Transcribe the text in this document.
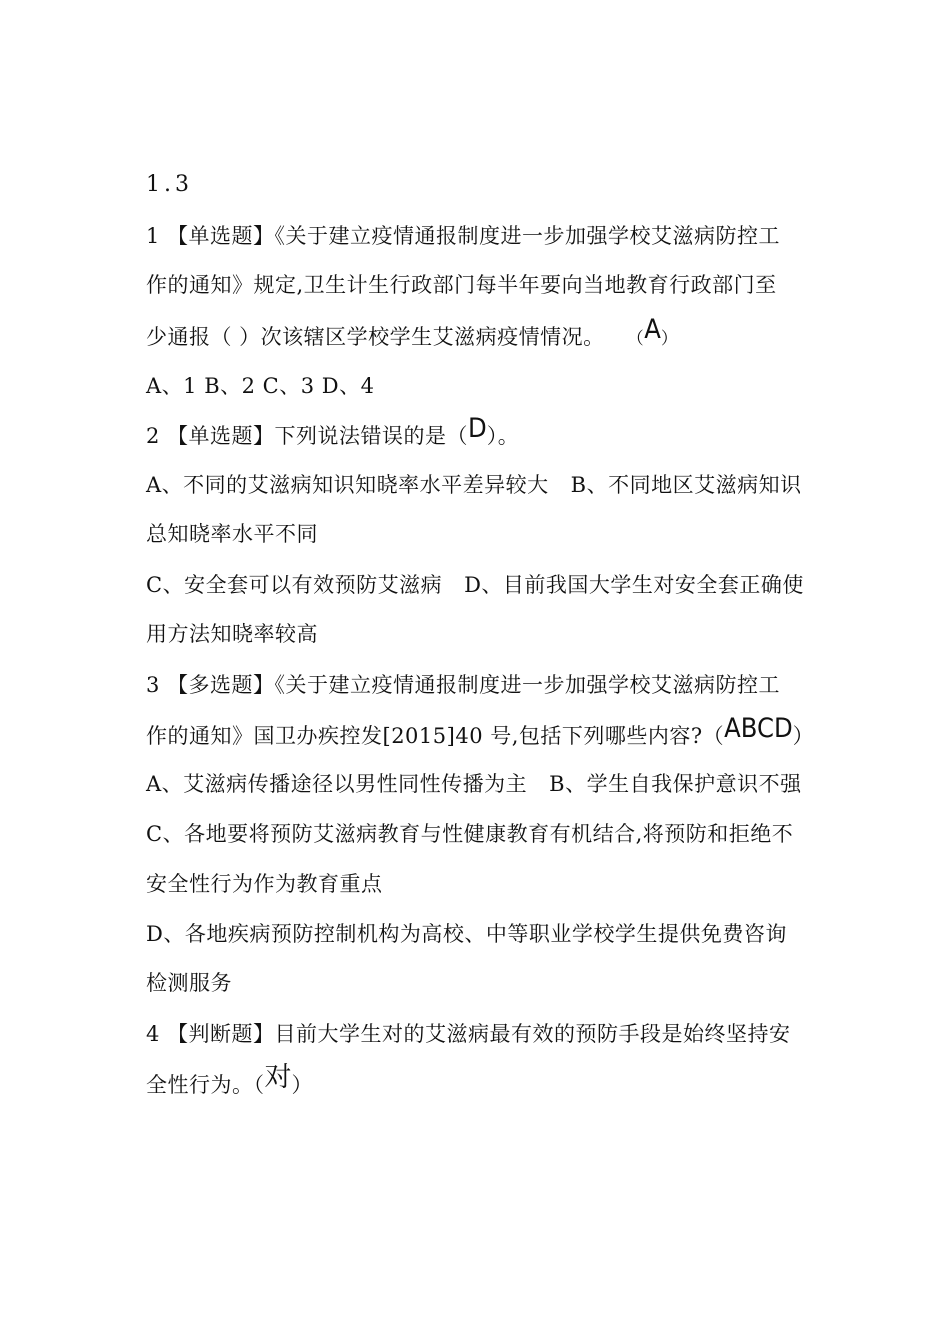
1.3
1 【单选题】《关于建立疫情通报制度进一步加强学校艾滋病防控工
作的通知》规定,卫生计生行政部门每半年要向当地教育行政部门至
少通报（ ）次该辖区学校学生艾滋病疫情情况。 （A）
A、1 B、2 C、3 D、4
2 【单选题】下列说法错误的是（D）。
A、不同的艾滋病知识知晓率水平差异较大 B、不同地区艾滋病知识
总知晓率水平不同
C、安全套可以有效预防艾滋病 D、目前我国大学生对安全套正确使
用方法知晓率较高
3 【多选题】《关于建立疫情通报制度进一步加强学校艾滋病防控工
作的通知》国卫办疾控发[2015]40 号,包括下列哪些内容?（ABCD）
A、艾滋病传播途径以男性同性传播为主 B、学生自我保护意识不强
C、各地要将预防艾滋病教育与性健康教育有机结合,将预防和拒绝不
安全性行为作为教育重点
D、各地疾病预防控制机构为高校、中等职业学校学生提供免费咨询
检测服务
4 【判断题】目前大学生对的艾滋病最有效的预防手段是始终坚持安
全性行为。（对）
